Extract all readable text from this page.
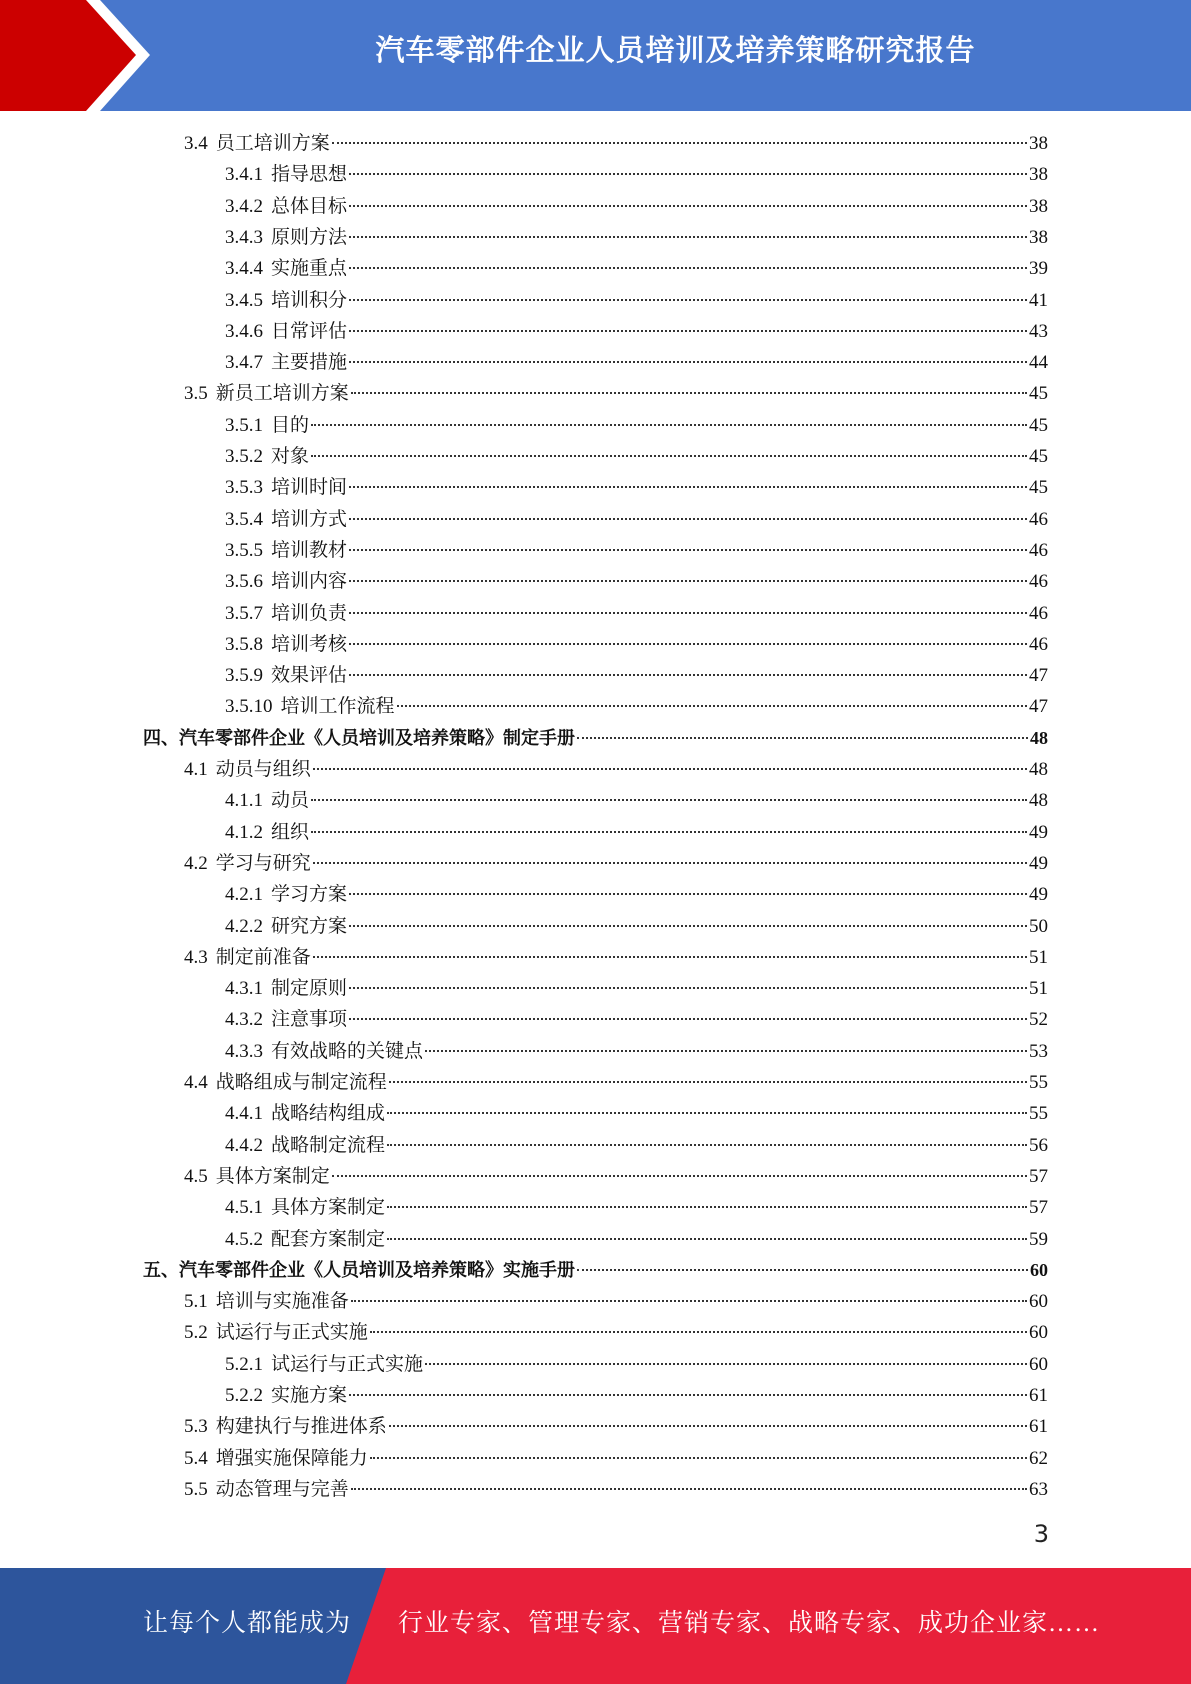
汽车零部件企业人员培训及培养策略研究报告
3.4 员工培训方案	38
3.4.1 指导思想	38
3.4.2 总体目标	38
3.4.3 原则方法	38
3.4.4 实施重点	39
3.4.5 培训积分	41
3.4.6 日常评估	43
3.4.7 主要措施	44
3.5 新员工培训方案	45
3.5.1 目的	45
3.5.2 对象	45
3.5.3 培训时间	45
3.5.4 培训方式	46
3.5.5 培训教材	46
3.5.6 培训内容	46
3.5.7 培训负责	46
3.5.8 培训考核	46
3.5.9 效果评估	47
3.5.10 培训工作流程	47
四、 汽车零部件企业《人员培训及培养策略》制定手册	48
4.1 动员与组织	48
4.1.1 动员	48
4.1.2 组织	49
4.2 学习与研究	49
4.2.1 学习方案	49
4.2.2 研究方案	50
4.3 制定前准备	51
4.3.1 制定原则	51
4.3.2 注意事项	52
4.3.3 有效战略的关键点	53
4.4 战略组成与制定流程	55
4.4.1 战略结构组成	55
4.4.2 战略制定流程	56
4.5 具体方案制定	57
4.5.1 具体方案制定	57
4.5.2 配套方案制定	59
五、 汽车零部件企业《人员培训及培养策略》实施手册	60
5.1 培训与实施准备	60
5.2 试运行与正式实施	60
5.2.1 试运行与正式实施	60
5.2.2 实施方案	61
5.3 构建执行与推进体系	61
5.4 增强实施保障能力	62
5.5 动态管理与完善	63
3
让每个人都能成为 行业专家、管理专家、营销专家、战略专家、成功企业家……
